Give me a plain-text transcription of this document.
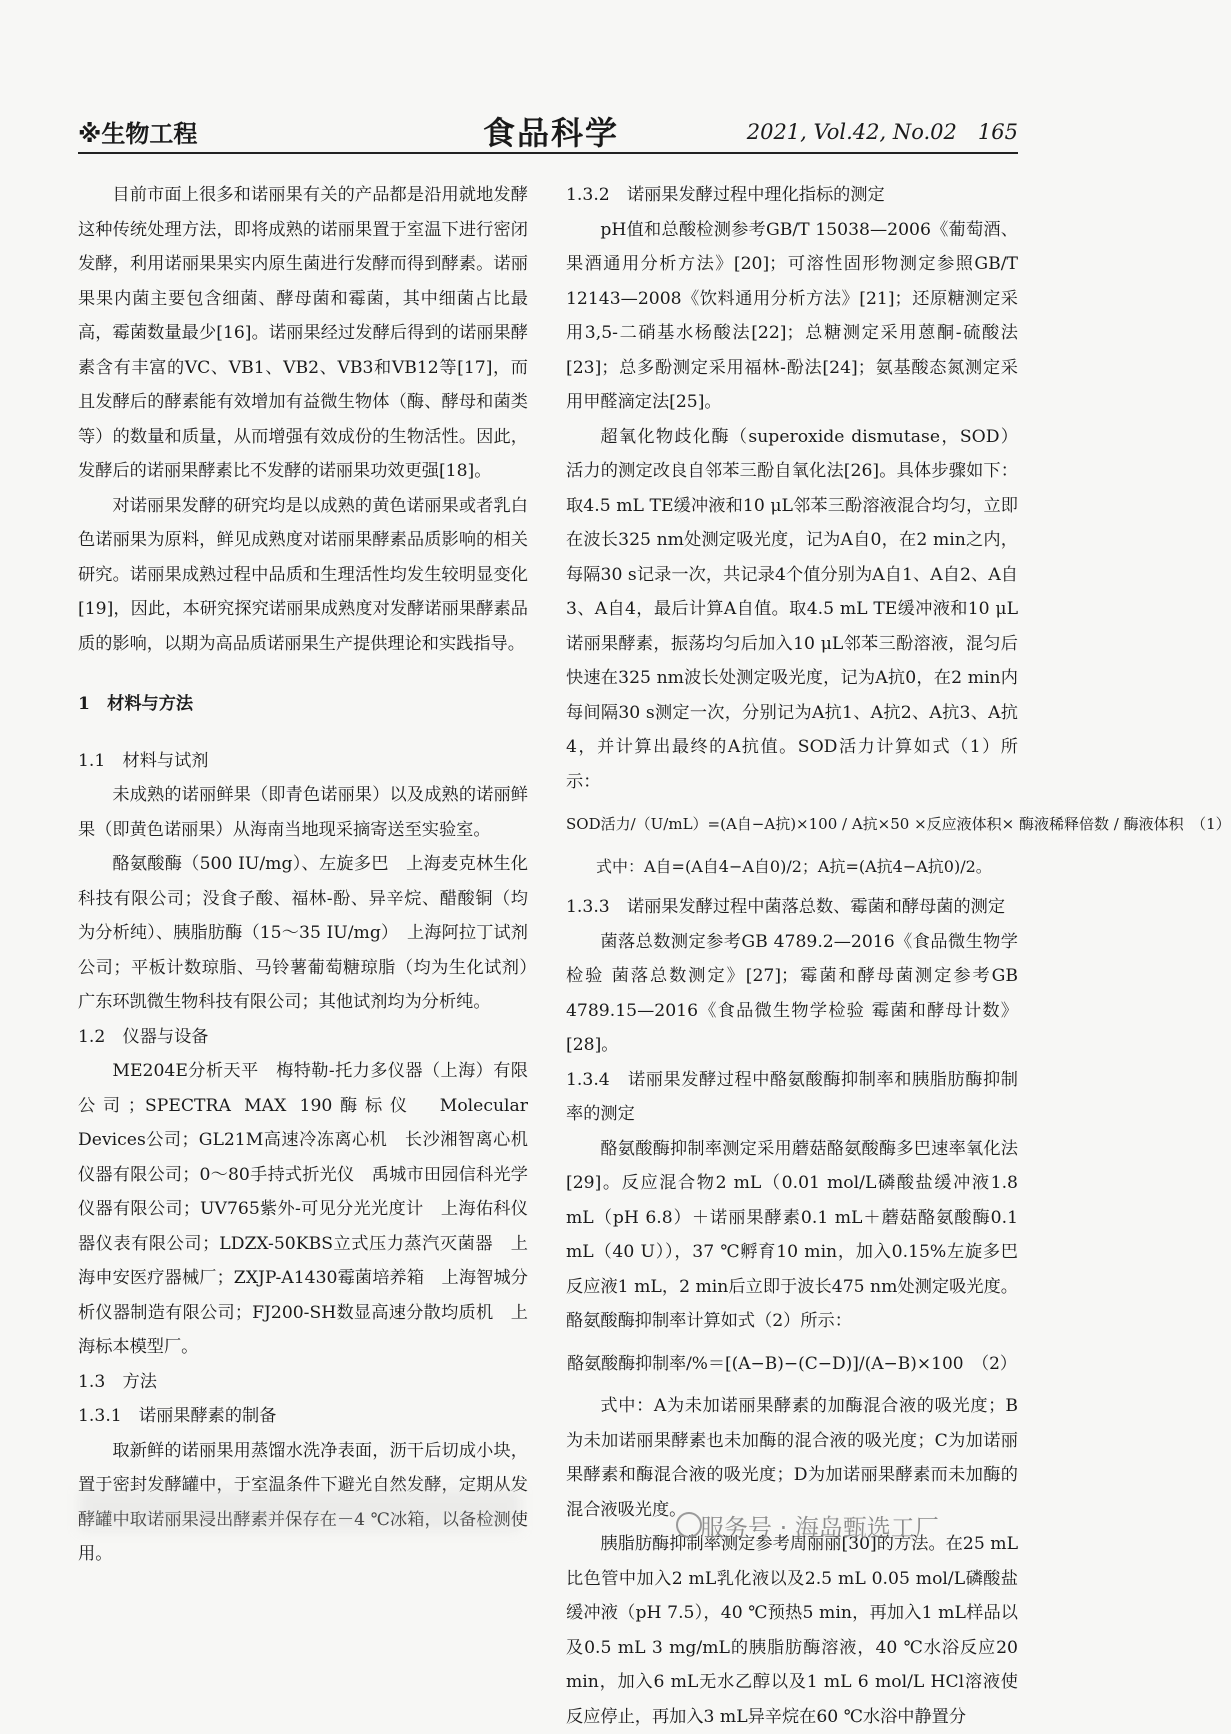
※生物工程	食品科学	2021, Vol.42, No.02　 165

目前市面上很多和诺丽果有关的产品都是沿用就地发酵这种传统处理方法，即将成熟的诺丽果置于室温下进行密闭发酵，利用诺丽果果实内原生菌进行发酵而得到酵素。诺丽果果内菌主要包含细菌、酵母菌和霉菌，其中细菌占比最高，霉菌数量最少[16]。诺丽果经过发酵后得到的诺丽果酵素含有丰富的VC、VB1、VB2、VB3和VB12等[17]，而且发酵后的酵素能有效增加有益微生物体（酶、酵母和菌类等）的数量和质量，从而增强有效成份的生物活性。因此，发酵后的诺丽果酵素比不发酵的诺丽果功效更强[18]。

对诺丽果发酵的研究均是以成熟的黄色诺丽果或者乳白色诺丽果为原料，鲜见成熟度对诺丽果酵素品质影响的相关研究。诺丽果成熟过程中品质和生理活性均发生较明显变化[19]，因此，本研究探究诺丽果成熟度对发酵诺丽果酵素品质的影响，以期为高品质诺丽果生产提供理论和实践指导。

1　材料与方法

1.1　材料与试剂

未成熟的诺丽鲜果（即青色诺丽果）以及成熟的诺丽鲜果（即黄色诺丽果）从海南当地现采摘寄送至实验室。

酪氨酸酶（500 IU/mg）、左旋多巴　上海麦克林生化科技有限公司；没食子酸、福林-酚、异辛烷、醋酸铜（均为分析纯）、胰脂肪酶（15～35 IU/mg）　上海阿拉丁试剂公司；平板计数琼脂、马铃薯葡萄糖琼脂（均为生化试剂）　广东环凯微生物科技有限公司；其他试剂均为分析纯。

1.2　仪器与设备

ME204E分析天平　梅特勒-托力多仪器（上海）有限公司；SPECTRA MAX 190酶标仪　Molecular Devices公司；GL21M高速冷冻离心机　长沙湘智离心机仪器有限公司；0～80手持式折光仪　禹城市田园信科光学仪器有限公司；UV765紫外-可见分光光度计　上海佑科仪器仪表有限公司；LDZX-50KBS立式压力蒸汽灭菌器　上海申安医疗器械厂；ZXJP-A1430霉菌培养箱　上海智城分析仪器制造有限公司；FJ200-SH数显高速分散均质机　上海标本模型厂。

1.3　方法

1.3.1　诺丽果酵素的制备

取新鲜的诺丽果用蒸馏水洗净表面，沥干后切成小块，置于密封发酵罐中，于室温条件下避光自然发酵，定期从发酵罐中取诺丽果浸出酵素并保存在－4 ℃冰箱，以备检测使用。

1.3.2　诺丽果发酵过程中理化指标的测定

pH值和总酸检测参考GB/T 15038—2006《葡萄酒、果酒通用分析方法》[20]；可溶性固形物测定参照GB/T 12143—2008《饮料通用分析方法》[21]；还原糖测定采用3,5-二硝基水杨酸法[22]；总糖测定采用蒽酮-硫酸法[23]；总多酚测定采用福林-酚法[24]；氨基酸态氮测定采用甲醛滴定法[25]。

超氧化物歧化酶（superoxide dismutase，SOD）活力的测定改良自邻苯三酚自氧化法[26]。具体步骤如下：取4.5 mL TE缓冲液和10 μL邻苯三酚溶液混合均匀，立即在波长325 nm处测定吸光度，记为A自0，在2 min之内，每隔30 s记录一次，共记录4个值分别为A自1、A自2、A自3、A自4，最后计算A自值。取4.5 mL TE缓冲液和10 μL诺丽果酵素，振荡均匀后加入10 μL邻苯三酚溶液，混匀后快速在325 nm波长处测定吸光度，记为A抗0，在2 min内每间隔30 s测定一次，分别记为A抗1、A抗2、A抗3、A抗4，并计算出最终的A抗值。SOD活力计算如式（1）所示：

SOD活力/（U/mL）=(A自−A抗)×100 / A抗×50 ×反应液体积× 酶液稀释倍数 / 酶液体积　（1）

式中：A自=(A自4−A自0)/2；A抗=(A抗4−A抗0)/2。

1.3.3　诺丽果发酵过程中菌落总数、霉菌和酵母菌的测定

菌落总数测定参考GB 4789.2—2016《食品微生物学检验 菌落总数测定》[27]；霉菌和酵母菌测定参考GB 4789.15—2016《食品微生物学检验 霉菌和酵母计数》[28]。

1.3.4　诺丽果发酵过程中酪氨酸酶抑制率和胰脂肪酶抑制率的测定

酪氨酸酶抑制率测定采用蘑菇酪氨酸酶多巴速率氧化法[29]。反应混合物2 mL（0.01 mol/L磷酸盐缓冲液1.8 mL（pH 6.8）＋诺丽果酵素0.1 mL＋蘑菇酪氨酸酶0.1 mL（40 U）），37 ℃孵育10 min，加入0.15%左旋多巴反应液1 mL，2 min后立即于波长475 nm处测定吸光度。酪氨酸酶抑制率计算如式（2）所示：

酪氨酸酶抑制率/%＝[(A−B)−(C−D)]/(A−B)×100　（2）

式中：A为未加诺丽果酵素的加酶混合液的吸光度；B为未加诺丽果酵素也未加酶的混合液的吸光度；C为加诺丽果酵素和酶混合液的吸光度；D为加诺丽果酵素而未加酶的混合液吸光度。

胰脂肪酶抑制率测定参考周丽丽[30]的方法。在25 mL比色管中加入2 mL乳化液以及2.5 mL 0.05 mol/L磷酸盐缓冲液（pH 7.5），40 ℃预热5 min，再加入1 mL样品以及0.5 mL 3 mg/mL的胰脂肪酶溶液，40 ℃水浴反应20 min，加入6 mL无水乙醇以及1 mL 6 mol/L HCl溶液使反应停止，再加入3 mL异辛烷在60 ℃水浴中静置分

服务号 · 海岛甄选工厂
